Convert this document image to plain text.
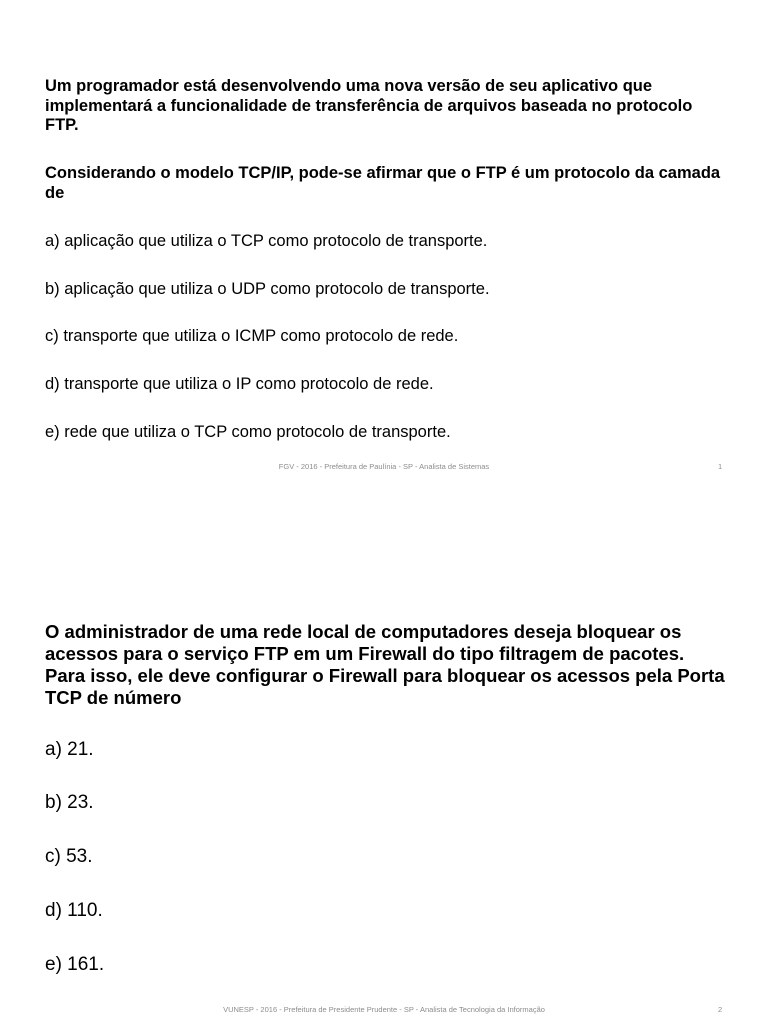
Um programador está desenvolvendo uma nova versão de seu aplicativo que implementará a funcionalidade de transferência de arquivos baseada no protocolo FTP.

Considerando o modelo TCP/IP, pode-se afirmar que o FTP é um protocolo da camada de

a) aplicação que utiliza o TCP como protocolo de transporte.

b) aplicação que utiliza o UDP como protocolo de transporte.

c) transporte que utiliza o ICMP como protocolo de rede.

d) transporte que utiliza o IP como protocolo de rede.

e) rede que utiliza o TCP como protocolo de transporte.

FGV - 2016 - Prefeitura de Paulínia - SP - Analista de Sistemas	1

O administrador de uma rede local de computadores deseja bloquear os acessos para o serviço FTP em um Firewall do tipo filtragem de pacotes. Para isso, ele deve configurar o Firewall para bloquear os acessos pela Porta TCP de número

a) 21.

b) 23.

c) 53.

d) 110.

e) 161.

VUNESP - 2016 - Prefeitura de Presidente Prudente - SP - Analista de Tecnologia da Informação	2
